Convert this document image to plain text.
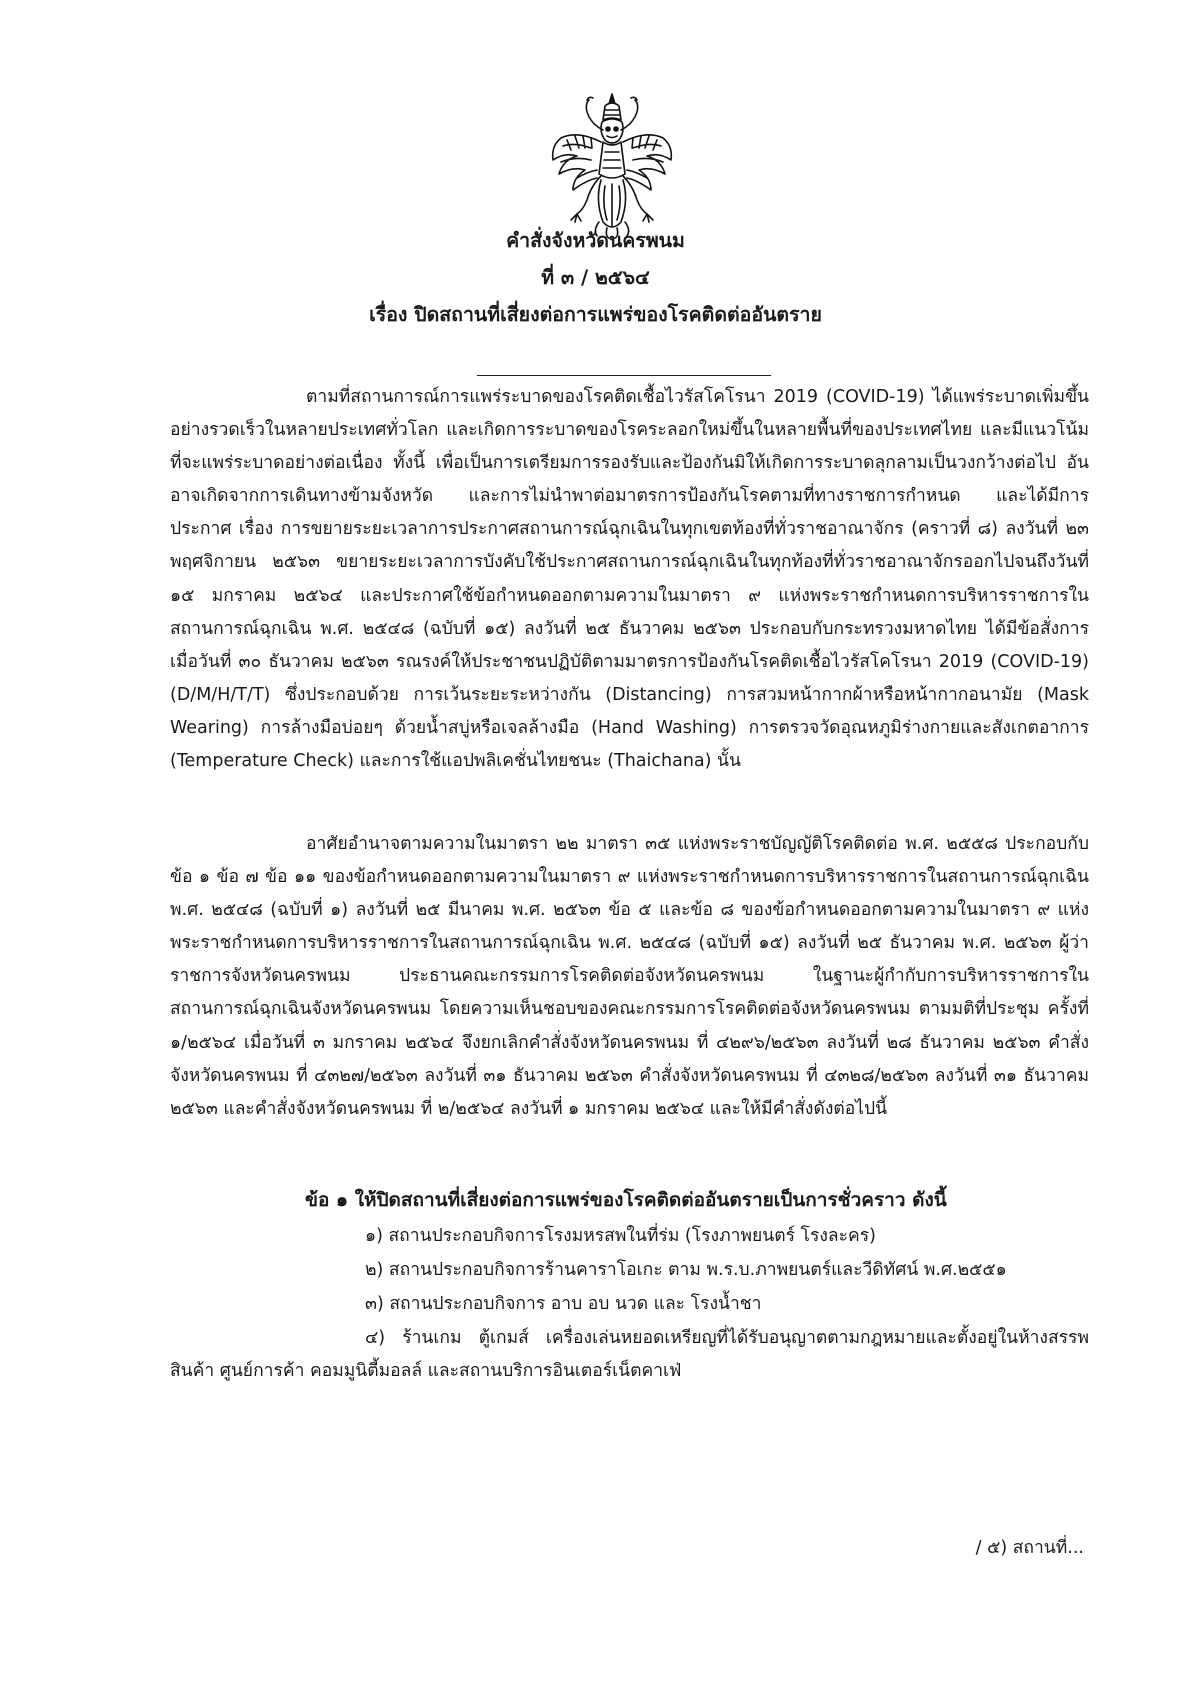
คำสั่งจังหวัดนครพนม
ที่ ๓ / ๒๕๖๔
เรื่อง ปิดสถานที่เสี่ยงต่อการแพร่ของโรคติดต่ออันตราย

ตามที่สถานการณ์การแพร่ระบาดของโรคติดเชื้อไวรัสโคโรนา 2019 (COVID-19) ได้แพร่ระบาดเพิ่มขึ้นอย่างรวดเร็วในหลายประเทศทั่วโลก และเกิดการระบาดของโรคระลอกใหม่ขึ้นในหลายพื้นที่ของประเทศไทย และมีแนวโน้มที่จะแพร่ระบาดอย่างต่อเนื่อง ทั้งนี้ เพื่อเป็นการเตรียมการรองรับและป้องกันมิให้เกิดการระบาดลุกลามเป็นวงกว้างต่อไป อันอาจเกิดจากการเดินทางข้ามจังหวัด และการไม่นำพาต่อมาตรการป้องกันโรคตามที่ทางราชการกำหนด และได้มีการประกาศ เรื่อง การขยายระยะเวลาการประกาศสถานการณ์ฉุกเฉินในทุกเขตท้องที่ทั่วราชอาณาจักร (คราวที่ ๘) ลงวันที่ ๒๓ พฤศจิกายน ๒๕๖๓ ขยายระยะเวลาการบังคับใช้ประกาศสถานการณ์ฉุกเฉินในทุกท้องที่ทั่วราชอาณาจักรออกไปจนถึงวันที่ ๑๕ มกราคม ๒๕๖๔ และประกาศใช้ข้อกำหนดออกตามความในมาตรา ๙ แห่งพระราชกำหนดการบริหารราชการในสถานการณ์ฉุกเฉิน พ.ศ. ๒๕๔๘ (ฉบับที่ ๑๕) ลงวันที่ ๒๕ ธันวาคม ๒๕๖๓ ประกอบกับกระทรวงมหาดไทย ได้มีข้อสั่งการ เมื่อวันที่ ๓๐ ธันวาคม ๒๕๖๓ รณรงค์ให้ประชาชนปฏิบัติตามมาตรการป้องกันโรคติดเชื้อไวรัสโคโรนา 2019 (COVID-19) (D/M/H/T/T) ซึ่งประกอบด้วย การเว้นระยะระหว่างกัน (Distancing) การสวมหน้ากากผ้าหรือหน้ากากอนามัย (Mask Wearing) การล้างมือบ่อยๆ ด้วยน้ำสบู่หรือเจลล้างมือ (Hand Washing) การตรวจวัดอุณหภูมิร่างกายและสังเกตอาการ (Temperature Check) และการใช้แอปพลิเคชั่นไทยชนะ (Thaichana) นั้น

อาศัยอำนาจตามความในมาตรา ๒๒ มาตรา ๓๕ แห่งพระราชบัญญัติโรคติดต่อ พ.ศ. ๒๕๕๘ ประกอบกับข้อ ๑ ข้อ ๗ ข้อ ๑๑ ของข้อกำหนดออกตามความในมาตรา ๙ แห่งพระราชกำหนดการบริหารราชการในสถานการณ์ฉุกเฉิน พ.ศ. ๒๕๔๘ (ฉบับที่ ๑) ลงวันที่ ๒๕ มีนาคม พ.ศ. ๒๕๖๓ ข้อ ๕ และข้อ ๘ ของข้อกำหนดออกตามความในมาตรา ๙ แห่งพระราชกำหนดการบริหารราชการในสถานการณ์ฉุกเฉิน พ.ศ. ๒๕๔๘ (ฉบับที่ ๑๕) ลงวันที่ ๒๕ ธันวาคม พ.ศ. ๒๕๖๓ ผู้ว่าราชการจังหวัดนครพนม ประธานคณะกรรมการโรคติดต่อจังหวัดนครพนม ในฐานะผู้กำกับการบริหารราชการในสถานการณ์ฉุกเฉินจังหวัดนครพนม โดยความเห็นชอบของคณะกรรมการโรคติดต่อจังหวัดนครพนม ตามมติที่ประชุม ครั้งที่ ๑/๒๕๖๔ เมื่อวันที่ ๓ มกราคม ๒๕๖๔ จึงยกเลิกคำสั่งจังหวัดนครพนม ที่ ๔๒๙๖/๒๕๖๓ ลงวันที่ ๒๘ ธันวาคม ๒๕๖๓ คำสั่งจังหวัดนครพนม ที่ ๔๓๒๗/๒๕๖๓ ลงวันที่ ๓๑ ธันวาคม ๒๕๖๓ คำสั่งจังหวัดนครพนม ที่ ๔๓๒๘/๒๕๖๓ ลงวันที่ ๓๑ ธันวาคม ๒๕๖๓ และคำสั่งจังหวัดนครพนม ที่ ๒/๒๕๖๔ ลงวันที่ ๑ มกราคม ๒๕๖๔ และให้มีคำสั่งดังต่อไปนี้

ข้อ ๑ ให้ปิดสถานที่เสี่ยงต่อการแพร่ของโรคติดต่ออันตรายเป็นการชั่วคราว ดังนี้

๑) สถานประกอบกิจการโรงมหรสพในที่ร่ม (โรงภาพยนตร์ โรงละคร)

๒) สถานประกอบกิจการร้านคาราโอเกะ ตาม พ.ร.บ.ภาพยนตร์และวีดิทัศน์ พ.ศ.๒๕๕๑

๓) สถานประกอบกิจการ อาบ อบ นวด และ โรงน้ำชา

๔) ร้านเกม ตู้เกมส์ เครื่องเล่นหยอดเหรียญที่ได้รับอนุญาตตามกฎหมายและตั้งอยู่ในห้างสรรพสินค้า ศูนย์การค้า คอมมูนิตี้มอลล์ และสถานบริการอินเตอร์เน็ตคาเฟ่

/ ๕) สถานที่...
